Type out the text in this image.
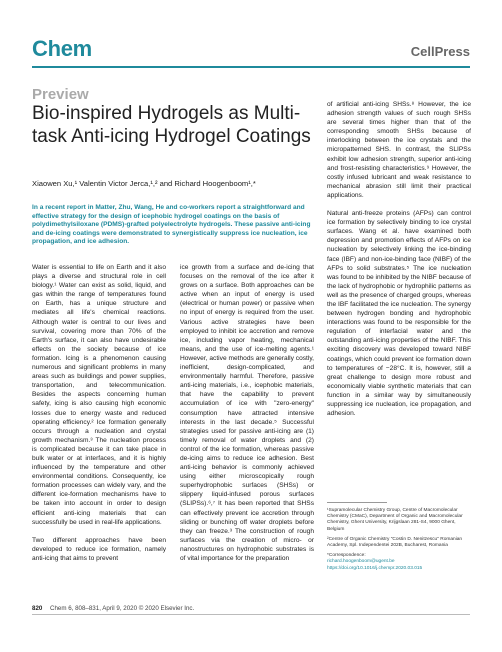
Chem	CellPress
Preview
Bio-inspired Hydrogels as Multi-task Anti-icing Hydrogel Coatings
Xiaowen Xu,¹ Valentin Victor Jerca,¹,² and Richard Hoogenboom¹,*
In a recent report in Matter, Zhu, Wang, He and co-workers report a straightforward and effective strategy for the design of icephobic hydrogel coatings on the basis of polydimethylsiloxane (PDMS)-grafted polyelectrolyte hydrogels. These passive anti-icing and de-icing coatings were demonstrated to synergistically suppress ice nucleation, ice propagation, and ice adhesion.

Water is essential to life on Earth and it also plays a diverse and structural role in cell biology.¹ Water can exist as solid, liquid, and gas within the range of temperatures found on Earth, has a unique structure and mediates all life's chemical reactions. Although water is central to our lives and survival, covering more than 70% of the Earth's surface, it can also have undesirable effects on the society because of ice formation. Icing is a phenomenon causing numerous and significant problems in many areas such as buildings and power supplies, transportation, and telecommunication. Besides the aspects concerning human safety, icing is also causing high economic losses due to energy waste and reduced operating efficiency.² Ice formation generally occurs through a nucleation and crystal growth mechanism.³ The nucleation process is complicated because it can take place in bulk water or at interfaces, and it is highly influenced by the temperature and other environmental conditions. Consequently, ice formation processes can widely vary, and the different ice-formation mechanisms have to be taken into account in order to design efficient anti-icing materials that can successfully be used in real-life applications.

Two different approaches have been developed to reduce ice formation, namely anti-icing that aims to prevent

ice growth from a surface and de-icing that focuses on the removal of the ice after it grows on a surface. Both approaches can be active when an input of energy is used (electrical or human power) or passive when no input of energy is required from the user. Various active strategies have been employed to inhibit ice accretion and remove ice, including vapor heating, mechanical means, and the use of ice-melting agents.¹ However, active methods are generally costly, inefficient, design-complicated, and environmentally harmful. Therefore, passive anti-icing materials, i.e., icephobic materials, that have the capability to prevent accumulation of ice with "zero-energy" consumption have attracted intensive interests in the last decade.⁵ Successful strategies used for passive anti-icing are (1) timely removal of water droplets and (2) control of the ice formation, whereas passive de-icing aims to reduce ice adhesion. Best anti-icing behavior is commonly achieved using either microscopically rough superhydrophobic surfaces (SHSs) or slippery liquid-infused porous surfaces (SLIPSs).⁶,⁷ It has been reported that SHSs can effectively prevent ice accretion through sliding or bunching off water droplets before they can freeze.³ The construction of rough surfaces via the creation of micro- or nanostructures on hydrophobic substrates is of vital importance for the preparation

of artificial anti-icing SHSs.⁸ However, the ice adhesion strength values of such rough SHSs are several times higher than that of the corresponding smooth SHSs because of interlocking between the ice crystals and the micropatterned SHS. In contrast, the SLIPSs exhibit low adhesion strength, superior anti-icing and frost-resisting characteristics.⁹ However, the costly infused lubricant and weak resistance to mechanical abrasion still limit their practical applications.

Natural anti-freeze proteins (AFPs) can control ice formation by selectively binding to ice crystal surfaces. Wang et al. have examined both depression and promotion effects of AFPs on ice nucleation by selectively linking the ice-binding face (IBF) and non-ice-binding face (NIBF) of the AFPs to solid substrates.⁵ The ice nucleation was found to be inhibited by the NIBF because of the lack of hydrophobic or hydrophilic patterns as well as the presence of charged groups, whereas the IBF facilitated the ice nucleation. The synergy between hydrogen bonding and hydrophobic interactions was found to be responsible for the regulation of interfacial water and the outstanding anti-icing properties of the NIBF. This exciting discovery was developed toward NIBF coatings, which could prevent ice formation down to temperatures of −28°C. It is, however, still a great challenge to design more robust and economically viable synthetic materials that can function in a similar way by simultaneously suppressing ice nucleation, ice propagation, and adhesion.

¹Supramolecular Chemistry Group, Centre of Macromolecular Chemistry (CMaC), Department of Organic and Macromolecular Chemistry, Ghent University, Krijgslaan 281-S4, 9000 Ghent, Belgium
²Centre of Organic Chemistry "Costin D. Nenitzescu" Romanian Academy, Spl. Independentei 202B, Bucharest, Romania
*Correspondence:
richard.hoogenboom@ugent.be
https://doi.org/10.1016/j.chempr.2020.03.015
820 Chem 6, 808–831, April 9, 2020 © 2020 Elsevier Inc.
